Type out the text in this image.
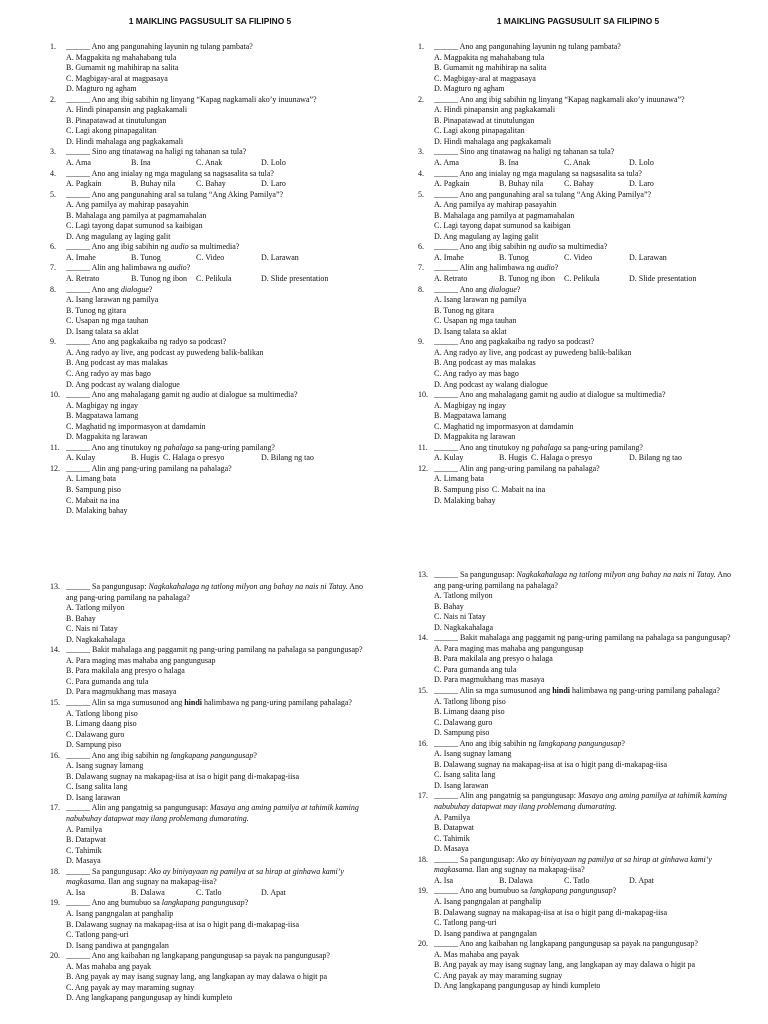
1 MAIKLING PAGSUSULIT SA FILIPINO 5
1.	______ Ano ang pangunahing layunin ng tulang pambata?
A. Magpakita ng mahahabang tula
B. Gumamit ng mahihirap na salita
C. Magbigay-aral at magpasaya
D. Magturo ng agham
2.	______ Ano ang ibig sabihin ng linyang “Kapag nagkamali ako’y inuunawa”?
A. Hindi pinapansin ang pagkakamali
B. Pinapatawad at tinutulungan
C. Lagi akong pinapagalitan
D. Hindi mahalaga ang pagkakamali
3.	______ Sino ang tinatawag na haligi ng tahanan sa tula?
A. Ama	B. Ina	C. Anak	D. Lolo
4.	______ Ano ang inialay ng mga magulang sa nagsasalita sa tula?
A. Pagkain	B. Buhay nila	C. Bahay	D. Laro
5.	______ Ano ang pangunahing aral sa tulang “Ang Aking Pamilya”?
A. Ang pamilya ay mahirap pasayahin
B. Mahalaga ang pamilya at pagmamahalan
C. Lagi tayong dapat sumunod sa kaibigan
D. Ang magulang ay laging galit
6.	______ Ano ang ibig sabihin ng audio sa multimedia?
A. Imahe	B. Tunog	C. Video	D. Larawan
7.	______ Alin ang halimbawa ng audio?
A. Retrato	B. Tunog ng ibon	C. Pelikula	D. Slide presentation
8.	______ Ano ang dialogue?
A. Isang larawan ng pamilya
B. Tunog ng gitara
C. Usapan ng mga tauhan
D. Isang talata sa aklat
9.	______ Ano ang pagkakaiba ng radyo sa podcast?
A. Ang radyo ay live, ang podcast ay puwedeng balik-balikan
B. Ang podcast ay mas malakas
C. Ang radyo ay mas bago
D. Ang podcast ay walang dialogue
10. ______ Ano ang mahalagang gamit ng audio at dialogue sa multimedia?
A. Magbigay ng ingay
B. Magpatawa lamang
C. Maghatid ng impormasyon at damdamin
D. Magpakita ng larawan
11. ______ Ano ang tinutukoy ng pahalaga sa pang-uring pamilang?
A. Kulay	B. Hugis C. Halaga o presyo	D. Bilang ng tao
12. ______ Alin ang pang-uring pamilang na pahalaga?
A. Limang bata
B. Sampung piso
C. Mabait na ina
D. Malaking bahay
13. ______ Sa pangungusap: Nagkakahalaga ng tatlong milyon ang bahay na nais ni Tatay. Ano ang pang-uring pamilang na pahalaga?
A. Tatlong milyon
B. Bahay
C. Nais ni Tatay
D. Nagkakahalaga
14. ______ Bakit mahalaga ang paggamit ng pang-uring pamilang na pahalaga sa pangungusap?
A. Para maging mas mahaba ang pangungusap
B. Para makilala ang presyo o halaga
C. Para gumanda ang tula
D. Para magmukhang mas masaya
15. ______ Alin sa mga sumusunod ang hindi halimbawa ng pang-uring pamilang pahalaga?
A. Tatlong libong piso
B. Limang daang piso
C. Dalawang guro
D. Sampung piso
16. ______ Ano ang ibig sabihin ng langkapang pangungusap?
A. Isang sugnay lamang
B. Dalawang sugnay na makapag-iisa at isa o higit pang di-makapag-iisa
C. Isang salita lang
D. Isang larawan
17. ______ Alin ang pangatnig sa pangungusap: Masaya ang aming pamilya at tahimik kaming nabubuhay datapwat may ilang problemang dumarating.
A. Pamilya
B. Datapwat
C. Tahimik
D. Masaya
18. ______ Sa pangungusap: Ako ay biniyayaan ng pamilya at sa hirap at ginhawa kami’y magkasama. Ilan ang sugnay na makapag-iisa?
A. Isa	B. Dalawa	C. Tatlo	D. Apat
19. ______ Ano ang bumubuo sa langkapang pangungusap?
A. Isang pangngalan at panghalip
B. Dalawang sugnay na makapag-iisa at isa o higit pang di-makapag-iisa
C. Tatlong pang-uri
D. Isang pandiwa at pangngalan
20. ______ Ano ang kaibahan ng langkapang pangungusap sa payak na pangungusap?
A. Mas mahaba ang payak
B. Ang payak ay may isang sugnay lang, ang langkapan ay may dalawa o higit pa
C. Ang payak ay may maraming sugnay
D. Ang langkapang pangungusap ay hindi kumpleto
1 MAIKLING PAGSUSULIT SA FILIPINO 5
1.	______ Ano ang pangunahing layunin ng tulang pambata?
A. Magpakita ng mahahabang tula
B. Gumamit ng mahihirap na salita
C. Magbigay-aral at magpasaya
D. Magturo ng agham
2.	______ Ano ang ibig sabihin ng linyang “Kapag nagkamali ako’y inuunawa”?
A. Hindi pinapansin ang pagkakamali
B. Pinapatawad at tinutulungan
C. Lagi akong pinapagalitan
D. Hindi mahalaga ang pagkakamali
3.	______ Sino ang tinatawag na haligi ng tahanan sa tula?
A. Ama	B. Ina	C. Anak	D. Lolo
4.	______ Ano ang inialay ng mga magulang sa nagsasalita sa tula?
A. Pagkain	B. Buhay nila	C. Bahay	D. Laro
5.	______ Ano ang pangunahing aral sa tulang “Ang Aking Pamilya”?
A. Ang pamilya ay mahirap pasayahin
B. Mahalaga ang pamilya at pagmamahalan
C. Lagi tayong dapat sumunod sa kaibigan
D. Ang magulang ay laging galit
6.	______ Ano ang ibig sabihin ng audio sa multimedia?
A. Imahe	B. Tunog	C. Video	D. Larawan
7.	______ Alin ang halimbawa ng audio?
A. Retrato	B. Tunog ng ibon	C. Pelikula	D. Slide presentation
8.	______ Ano ang dialogue?
A. Isang larawan ng pamilya
B. Tunog ng gitara
C. Usapan ng mga tauhan
D. Isang talata sa aklat
9.	______ Ano ang pagkakaiba ng radyo sa podcast?
A. Ang radyo ay live, ang podcast ay puwedeng balik-balikan
B. Ang podcast ay mas malakas
C. Ang radyo ay mas bago
D. Ang podcast ay walang dialogue
10. ______ Ano ang mahalagang gamit ng audio at dialogue sa multimedia?
A. Magbigay ng ingay
B. Magpatawa lamang
C. Maghatid ng impormasyon at damdamin
D. Magpakita ng larawan
11. ______ Ano ang tinutukoy ng pahalaga sa pang-uring pamilang?
A. Kulay	B. Hugis C. Halaga o presyo	D. Bilang ng tao
12. ______ Alin ang pang-uring pamilang na pahalaga?
A. Limang bata
B. Sampung piso C. Mabait na ina
D. Malaking bahay
13. ______ Sa pangungusap: Nagkakahalaga ng tatlong milyon ang bahay na nais ni Tatay. Ano ang pang-uring pamilang na pahalaga?
A. Tatlong milyon
B. Bahay
C. Nais ni Tatay
D. Nagkakahalaga
14. ______ Bakit mahalaga ang paggamit ng pang-uring pamilang na pahalaga sa pangungusap?
A. Para maging mas mahaba ang pangungusap
B. Para makilala ang presyo o halaga
C. Para gumanda ang tula
D. Para magmukhang mas masaya
15. ______ Alin sa mga sumusunod ang hindi halimbawa ng pang-uring pamilang pahalaga?
A. Tatlong libong piso
B. Limang daang piso
C. Dalawang guro
D. Sampung piso
16. ______ Ano ang ibig sabihin ng langkapang pangungusap?
A. Isang sugnay lamang
B. Dalawang sugnay na makapag-iisa at isa o higit pang di-makapag-iisa
C. Isang salita lang
D. Isang larawan
17. ______ Alin ang pangatnig sa pangungusap: Masaya ang aming pamilya at tahimik kaming nabubuhay datapwat may ilang problemang dumarating.
A. Pamilya
B. Datapwat
C. Tahimik
D. Masaya
18. ______ Sa pangungusap: Ako ay biniyayaan ng pamilya at sa hirap at ginhawa kami’y magkasama. Ilan ang sugnay na makapag-iisa?
A. Isa	B. Dalawa	C. Tatlo	D. Apat
19. ______ Ano ang bumubuo sa langkapang pangungusap?
A. Isang pangngalan at panghalip
B. Dalawang sugnay na makapag-iisa at isa o higit pang di-makapag-iisa
C. Tatlong pang-uri
D. Isang pandiwa at pangngalan
20. ______ Ano ang kaibahan ng langkapang pangungusap sa payak na pangungusap?
A. Mas mahaba ang payak
B. Ang payak ay may isang sugnay lang, ang langkapan ay may dalawa o higit pa
C. Ang payak ay may maraming sugnay
D. Ang langkapang pangungusap ay hindi kumpleto
